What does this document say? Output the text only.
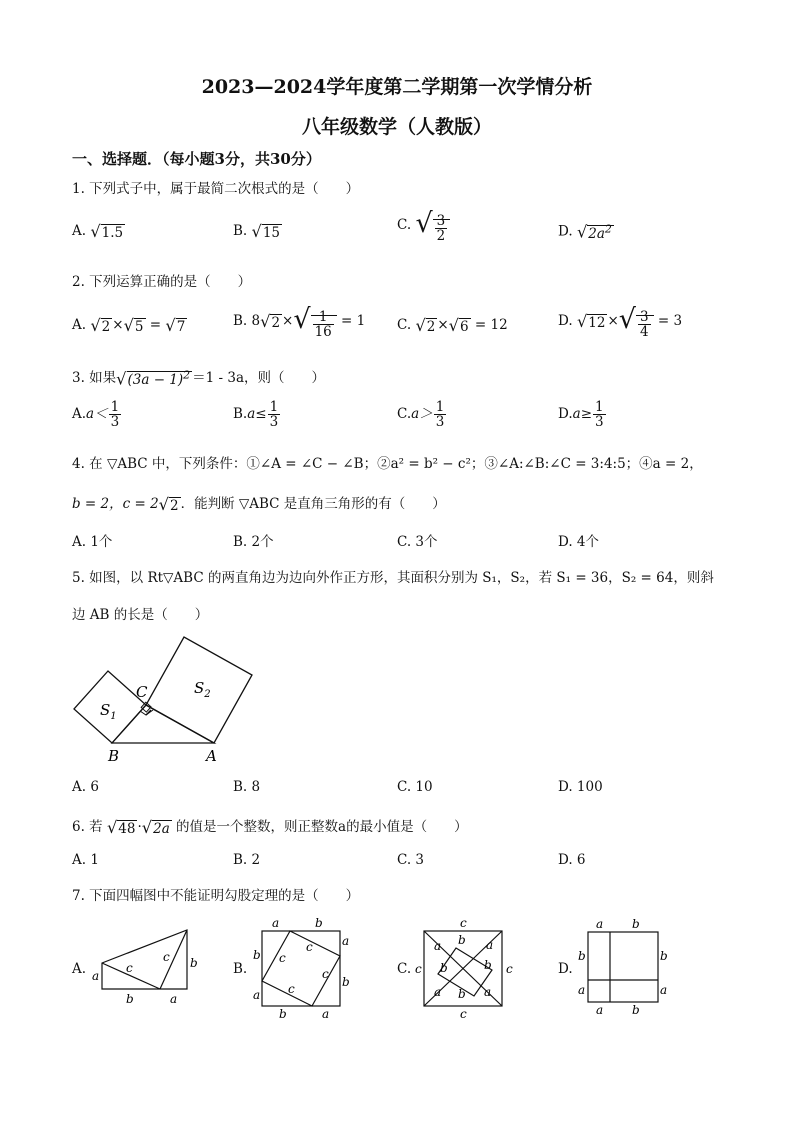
2023—2024学年度第二学期第一次学情分析
八年级数学（人教版）
一、选择题．（每小题3分，共30分）
1. 下列式子中，属于最简二次根式的是（　　）
A. √1.5	B. √15	C. √ $\frac{3}{2}$	D. $√2a^2$
2. 下列运算正确的是（　　）
A. √2 ×√5 = √7	B. 8√2 ×√ $\frac{1}{16} = 1$ C. √2 ×√6 = 12	D. √12 ×√ $\frac{3}{4} = 3$
3. 如果$√(3a - 1)^2 =1 - 3a$，则（　　）
$A.a< \frac{1}{3}$	$B.a\le \frac{1}{3}$	$C.a> \frac{1}{3}$	$D.a\ge \frac{1}{3}$
4. 在 ▽ABC 中，下列条件：①∠A = ∠C − ∠B；②a² = b² − c²；③∠A:∠B:∠C = 3:4:5；④a = 2，
b = 2，c = 2√2 ．能判断 ▽ABC 是直角三角形的有（　　）
A. 1个	B. 2个	C. 3个	D. 4个
5. 如图，以 Rt▽ABC 的两直角边为边向外作正方形，其面积分别为 S₁，S₂，若 S₁ = 36，S₂ = 64，则斜
边 AB 的长是（　　）
C
$S_1$
$S_2$
B	A
A. 6	B. 8	C. 10	D. 100
6. 若 √48 ·√2a 的值是一个整数，则正整数a的最小值是（　　）
A. 1	B. 2	C. 3	D. 6
7. 下面四幅图中不能证明勾股定理的是（　　）
A. a
c
c b
b	a
B.
a	b
a
b
b	a
b
a
c
c
c
c
C.
c
c
c	c
a b a
b
b
a b a
D.
a b
b
a
b
a
a b
